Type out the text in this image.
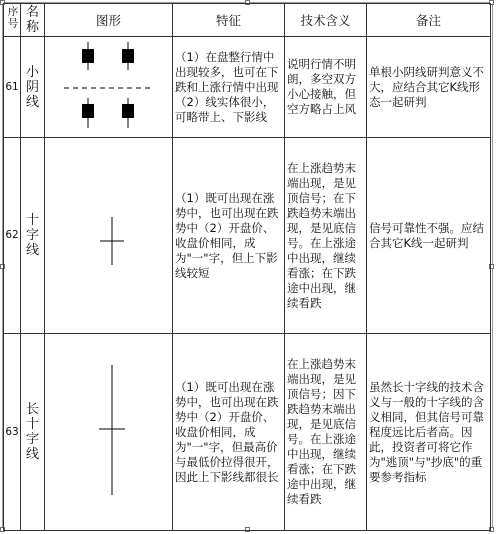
序号	名称	图形	特征	技术含义	备注
61	小阴线		（1）在盘整行情中出现较多，也可在下跌和上涨行情中出现（2）线实体很小，可略带上、下影线	说明行情不明朗，多空双方小心接触，但空方略占上风	单根小阴线研判意义不大，应结合其它K线形态一起研判
62	十字线		（1）既可出现在涨势中，也可出现在跌势中（2）开盘价、收盘价相同，成为"一"字，但上下影线较短	在上涨趋势末端出现，是见顶信号；在下跌趋势末端出现，是见底信号。在上涨途中出现，继续看涨；在下跌途中出现，继续看跌	信号可靠性不强。应结合其它K线一起研判
63	长十字线		（1）既可出现在涨势中，也可出现在跌势中（2）开盘价、收盘价相同，成为"一"字，但最高价与最低价拉得很开，因此上下影线都很长	在上涨趋势末端出现，是见顶信号；因下跌趋势末端出现，是见底信号。在上涨途中出现，继续看涨；在下跌途中出现，继续看跌	虽然长十字线的技术含义与一般的十字线的含义相同，但其信号可靠程度远比后者高。因此，投资者可将它作为"逃顶"与"抄底"的重要参考指标
